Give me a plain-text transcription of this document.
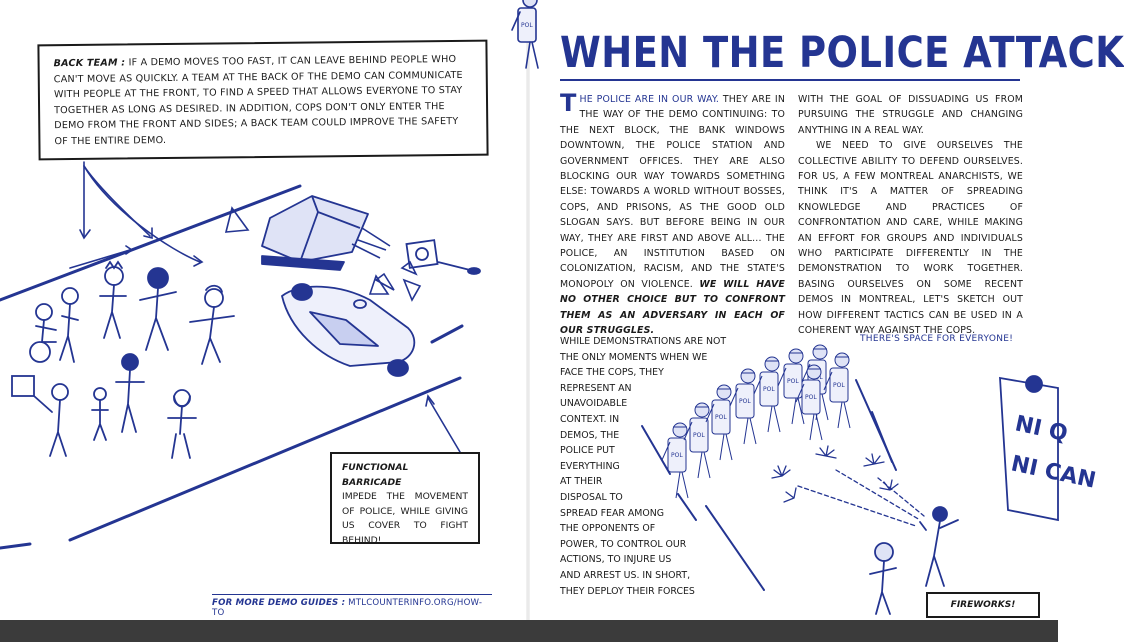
BACK TEAM : IF A DEMO MOVES TOO FAST, IT CAN LEAVE BEHIND PEOPLE WHO CAN'T MOVE AS QUICKLY. A TEAM AT THE BACK OF THE DEMO CAN COMMUNICATE WITH PEOPLE AT THE FRONT, TO FIND A SPEED THAT ALLOWS EVERYONE TO STAY TOGETHER AS LONG AS DESIRED. IN ADDITION, COPS DON'T ONLY ENTER THE DEMO FROM THE FRONT AND SIDES; A BACK TEAM COULD IMPROVE THE SAFETY OF THE ENTIRE DEMO.

FUNCTIONAL BARRICADE
IMPEDE THE MOVEMENT OF POLICE, WHILE GIVING US COVER TO FIGHT BEHIND!

FOR MORE DEMO GUIDES : MTLCOUNTERINFO.ORG/HOW-TO
POL
NI Q
NI CAN
WHEN THE POLICE ATTACK
THE POLICE ARE IN OUR WAY. THEY ARE IN THE WAY OF THE DEMO CONTINUING: TO THE NEXT BLOCK, THE BANK WINDOWS DOWNTOWN, THE POLICE STATION AND GOVERNMENT OFFICES. THEY ARE ALSO BLOCKING OUR WAY TOWARDS SOMETHING ELSE: TOWARDS A WORLD WITHOUT BOSSES, COPS, AND PRISONS, AS THE GOOD OLD SLOGAN SAYS. BUT BEFORE BEING IN OUR WAY, THEY ARE FIRST AND ABOVE ALL... THE POLICE, AN INSTITUTION BASED ON COLONIZATION, RACISM, AND THE STATE'S MONOPOLY ON VIOLENCE. WE WILL HAVE NO OTHER CHOICE BUT TO CONFRONT THEM AS AN ADVERSARY IN EACH OF OUR STRUGGLES.
WHILE DEMONSTRATIONS ARE NOT
THE ONLY MOMENTS WHEN WE
FACE THE COPS, THEY
REPRESENT AN
UNAVOIDABLE
CONTEXT. IN
DEMOS, THE
POLICE PUT
EVERYTHING
AT THEIR
DISPOSAL TO
SPREAD FEAR AMONG
THE OPPONENTS OF
POWER, TO CONTROL OUR
ACTIONS, TO INJURE US
AND ARREST US. IN SHORT,
THEY DEPLOY THEIR FORCES
WITH THE GOAL OF DISSUADING US FROM PURSUING THE STRUGGLE AND CHANGING ANYTHING IN A REAL WAY.
WE NEED TO GIVE OURSELVES THE COLLECTIVE ABILITY TO DEFEND OURSELVES. FOR US, A FEW MONTREAL ANARCHISTS, WE THINK IT'S A MATTER OF SPREADING KNOWLEDGE AND PRACTICES OF CONFRONTATION AND CARE, WHILE MAKING AN EFFORT FOR GROUPS AND INDIVIDUALS WHO PARTICIPATE DIFFERENTLY IN THE DEMONSTRATION TO WORK TOGETHER. BASING OURSELVES ON SOME RECENT DEMOS IN MONTREAL, LET'S SKETCH OUT HOW DIFFERENT TACTICS CAN BE USED IN A COHERENT WAY AGAINST THE COPS.
THERE'S SPACE FOR EVERYONE!
FIREWORKS!
